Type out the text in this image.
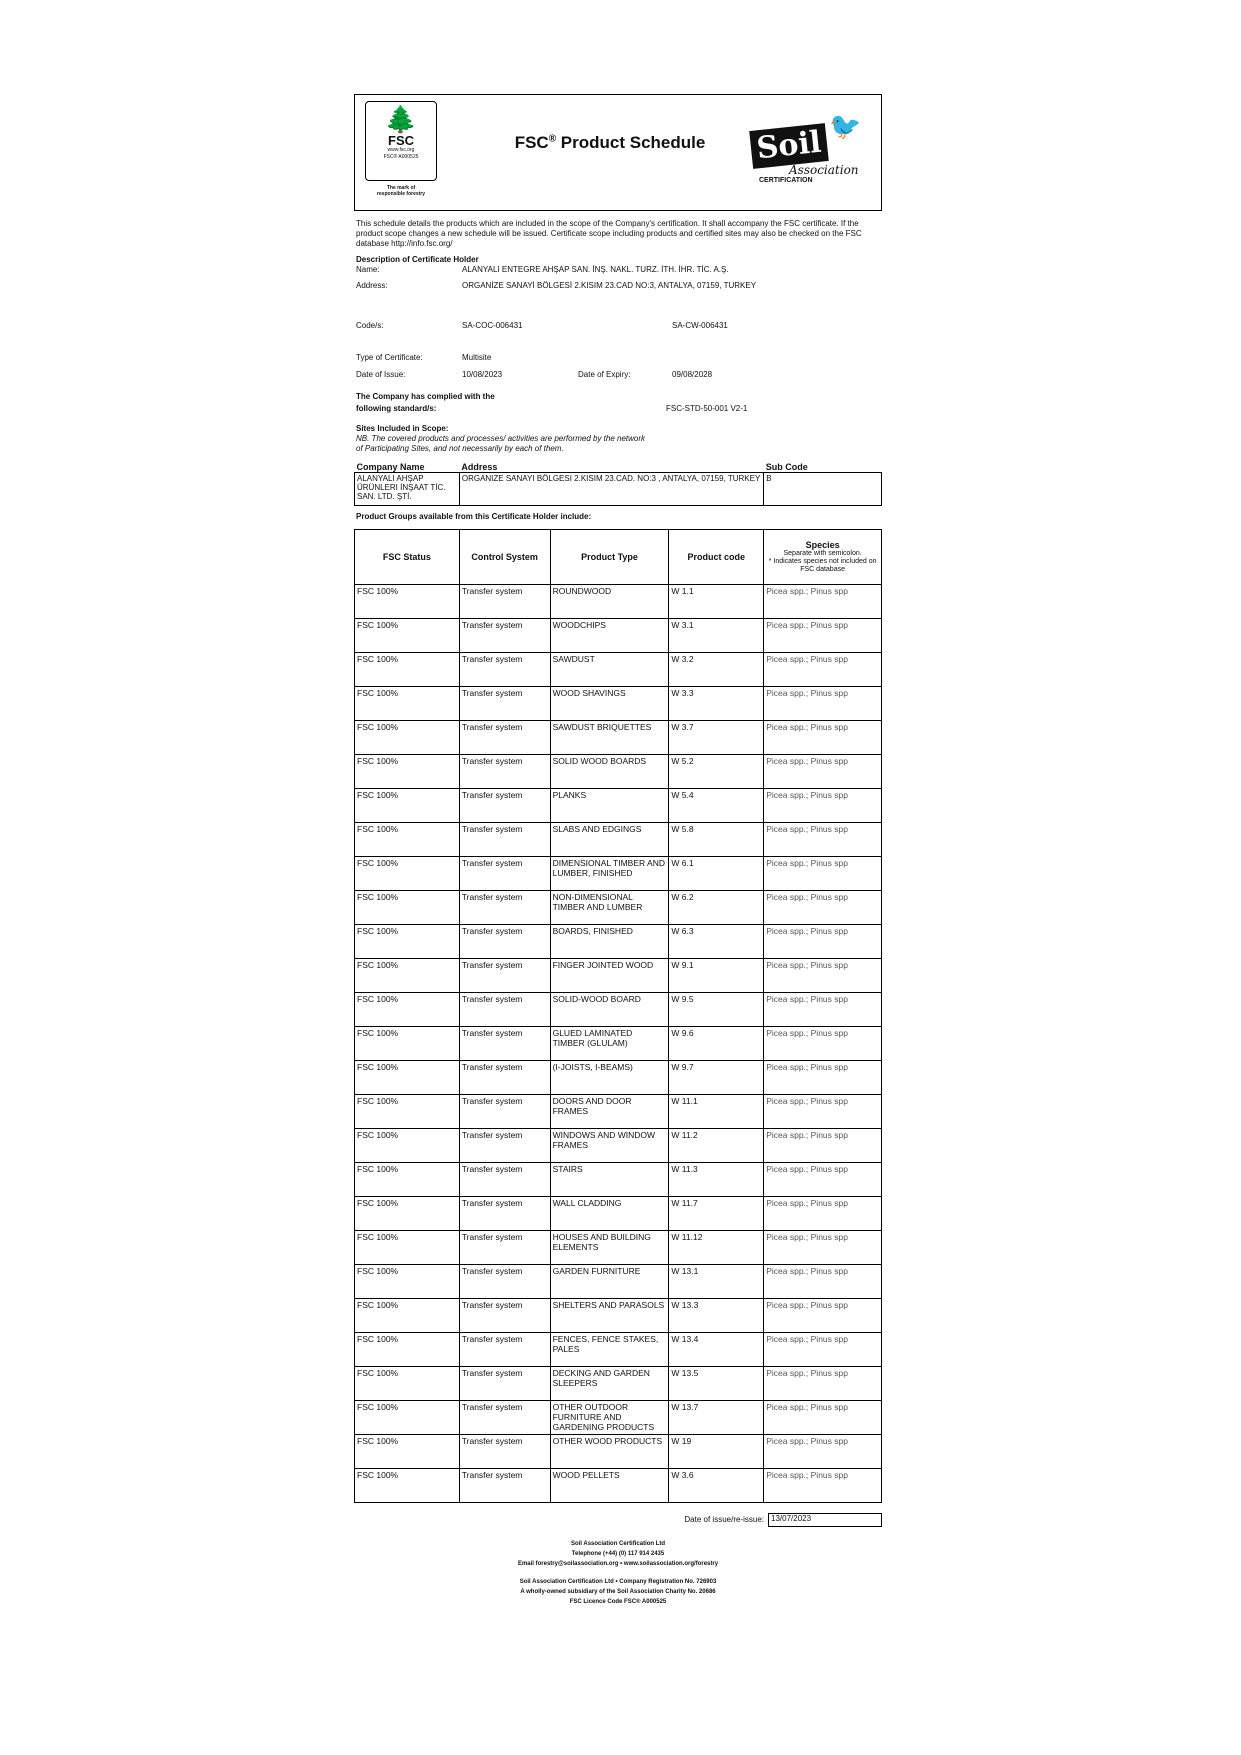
🌲
FSC
www.fsc.org
FSC® A000525
The mark of
responsible forestry
FSC® Product Schedule	Soil 🐦
Association
CERTIFICATION
This schedule details the products which are included in the scope of the Company's certification. It shall accompany the FSC certificate. If the product scope changes a new schedule will be issued. Certificate scope including products and certified sites may also be checked on the FSC database http://info.fsc.org/
Description of Certificate Holder
Name:	ALANYALI ENTEGRE AHŞAP SAN. İNŞ. NAKL. TURZ. İTH. İHR. TİC. A.Ş.
Address:	ORGANİZE SANAYİ BÖLGESİ 2.KISIM 23.CAD NO:3, ANTALYA, 07159, TURKEY
Code/s:	SA-COC-006431	SA-CW-006431
Type of Certificate:	Multisite
Date of Issue:	10/08/2023	Date of Expiry:	09/08/2028
The Company has complied with the
following standard/s:	FSC-STD-50-001 V2-1
Sites Included in Scope:
NB. The covered products and processes/ activities are performed by the network
of Participating Sites, and not necessarily by each of them.
Company Name	Address	Sub Code
ALANYALI AHŞAP ÜRÜNLERI İNŞAAT TİC. SAN. LTD. ŞTİ.	ORGANIZE SANAYI BÖLGESI 2.KISIM 23.CAD. NO:3 , ANTALYA, 07159, TURKEY	B
Product Groups available from this Certificate Holder include:
FSC Status	Control System	Product Type	Product code	Species
Separate with semicolon.
* Indicates species not included on FSC database

FSC 100%	Transfer system	ROUNDWOOD	W 1.1	Picea spp.; Pinus spp
FSC 100%	Transfer system	WOODCHIPS	W 3.1	Picea spp.; Pinus spp
FSC 100%	Transfer system	SAWDUST	W 3.2	Picea spp.; Pinus spp
FSC 100%	Transfer system	WOOD SHAVINGS	W 3.3	Picea spp.; Pinus spp
FSC 100%	Transfer system	SAWDUST BRIQUETTES	W 3.7	Picea spp.; Pinus spp
FSC 100%	Transfer system	SOLID WOOD BOARDS	W 5.2	Picea spp.; Pinus spp
FSC 100%	Transfer system	PLANKS	W 5.4	Picea spp.; Pinus spp
FSC 100%	Transfer system	SLABS AND EDGINGS	W 5.8	Picea spp.; Pinus spp
FSC 100%	Transfer system	DIMENSIONAL TIMBER AND LUMBER, FINISHED	W 6.1	Picea spp.; Pinus spp
FSC 100%	Transfer system	NON-DIMENSIONAL TIMBER AND LUMBER	W 6.2	Picea spp.; Pinus spp
FSC 100%	Transfer system	BOARDS, FINISHED	W 6.3	Picea spp.; Pinus spp
FSC 100%	Transfer system	FINGER JOINTED WOOD	W 9.1	Picea spp.; Pinus spp
FSC 100%	Transfer system	SOLID-WOOD BOARD	W 9.5	Picea spp.; Pinus spp
FSC 100%	Transfer system	GLUED LAMINATED TIMBER (GLULAM)	W 9.6	Picea spp.; Pinus spp
FSC 100%	Transfer system	(I-JOISTS, I-BEAMS)	W 9.7	Picea spp.; Pinus spp
FSC 100%	Transfer system	DOORS AND DOOR FRAMES	W 11.1	Picea spp.; Pinus spp
FSC 100%	Transfer system	WINDOWS AND WINDOW FRAMES	W 11.2	Picea spp.; Pinus spp
FSC 100%	Transfer system	STAIRS	W 11.3	Picea spp.; Pinus spp
FSC 100%	Transfer system	WALL CLADDING	W 11.7	Picea spp.; Pinus spp
FSC 100%	Transfer system	HOUSES AND BUILDING ELEMENTS	W 11.12	Picea spp.; Pinus spp
FSC 100%	Transfer system	GARDEN FURNITURE	W 13.1	Picea spp.; Pinus spp
FSC 100%	Transfer system	SHELTERS AND PARASOLS	W 13.3	Picea spp.; Pinus spp
FSC 100%	Transfer system	FENCES, FENCE STAKES, PALES	W 13.4	Picea spp.; Pinus spp
FSC 100%	Transfer system	DECKING AND GARDEN SLEEPERS	W 13.5	Picea spp.; Pinus spp
FSC 100%	Transfer system	OTHER OUTDOOR FURNITURE AND GARDENING PRODUCTS	W 13.7	Picea spp.; Pinus spp
FSC 100%	Transfer system	OTHER WOOD PRODUCTS	W 19	Picea spp.; Pinus spp
FSC 100%	Transfer system	WOOD PELLETS	W 3.6	Picea spp.; Pinus spp
Date of issue/re-issue: 13/07/2023
Soil Association Certification Ltd
Telephone (+44) (0) 117 914 2435
Email forestry@soilassociation.org • www.soilassociation.org/forestry
Soil Association Certification Ltd • Company Registration No. 726903
A wholly-owned subsidiary of the Soil Association Charity No. 20686
FSC Licence Code FSC® A000525
